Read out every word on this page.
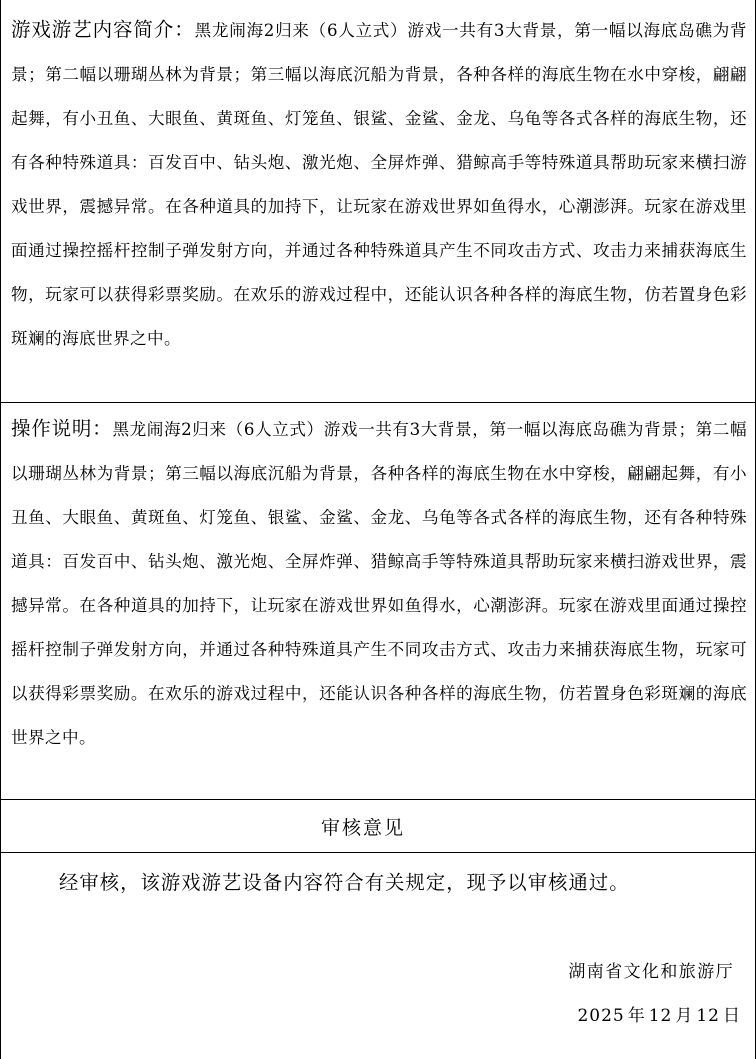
游戏游艺内容简介：黑龙闹海2归来（6人立式）游戏一共有3大背景，第一幅以海底岛礁为背景；第二幅以珊瑚丛林为背景；第三幅以海底沉船为背景，各种各样的海底生物在水中穿梭，翩翩起舞，有小丑鱼、大眼鱼、黄斑鱼、灯笼鱼、银鲨、金鲨、金龙、乌龟等各式各样的海底生物，还有各种特殊道具：百发百中、钻头炮、激光炮、全屏炸弹、猎鲸高手等特殊道具帮助玩家来横扫游戏世界，震撼异常。在各种道具的加持下，让玩家在游戏世界如鱼得水，心潮澎湃。玩家在游戏里面通过操控摇杆控制子弹发射方向，并通过各种特殊道具产生不同攻击方式、攻击力来捕获海底生物，玩家可以获得彩票奖励。在欢乐的游戏过程中，还能认识各种各样的海底生物，仿若置身色彩斑斓的海底世界之中。

操作说明：黑龙闹海2归来（6人立式）游戏一共有3大背景，第一幅以海底岛礁为背景；第二幅以珊瑚丛林为背景；第三幅以海底沉船为背景，各种各样的海底生物在水中穿梭，翩翩起舞，有小丑鱼、大眼鱼、黄斑鱼、灯笼鱼、银鲨、金鲨、金龙、乌龟等各式各样的海底生物，还有各种特殊道具：百发百中、钻头炮、激光炮、全屏炸弹、猎鲸高手等特殊道具帮助玩家来横扫游戏世界，震撼异常。在各种道具的加持下，让玩家在游戏世界如鱼得水，心潮澎湃。玩家在游戏里面通过操控摇杆控制子弹发射方向，并通过各种特殊道具产生不同攻击方式、攻击力来捕获海底生物，玩家可以获得彩票奖励。在欢乐的游戏过程中，还能认识各种各样的海底生物，仿若置身色彩斑斓的海底世界之中。

审核意见
经审核，该游戏游艺设备内容符合有关规定，现予以审核通过。
湖南省文化和旅游厅
2025 年 12 月 12 日
